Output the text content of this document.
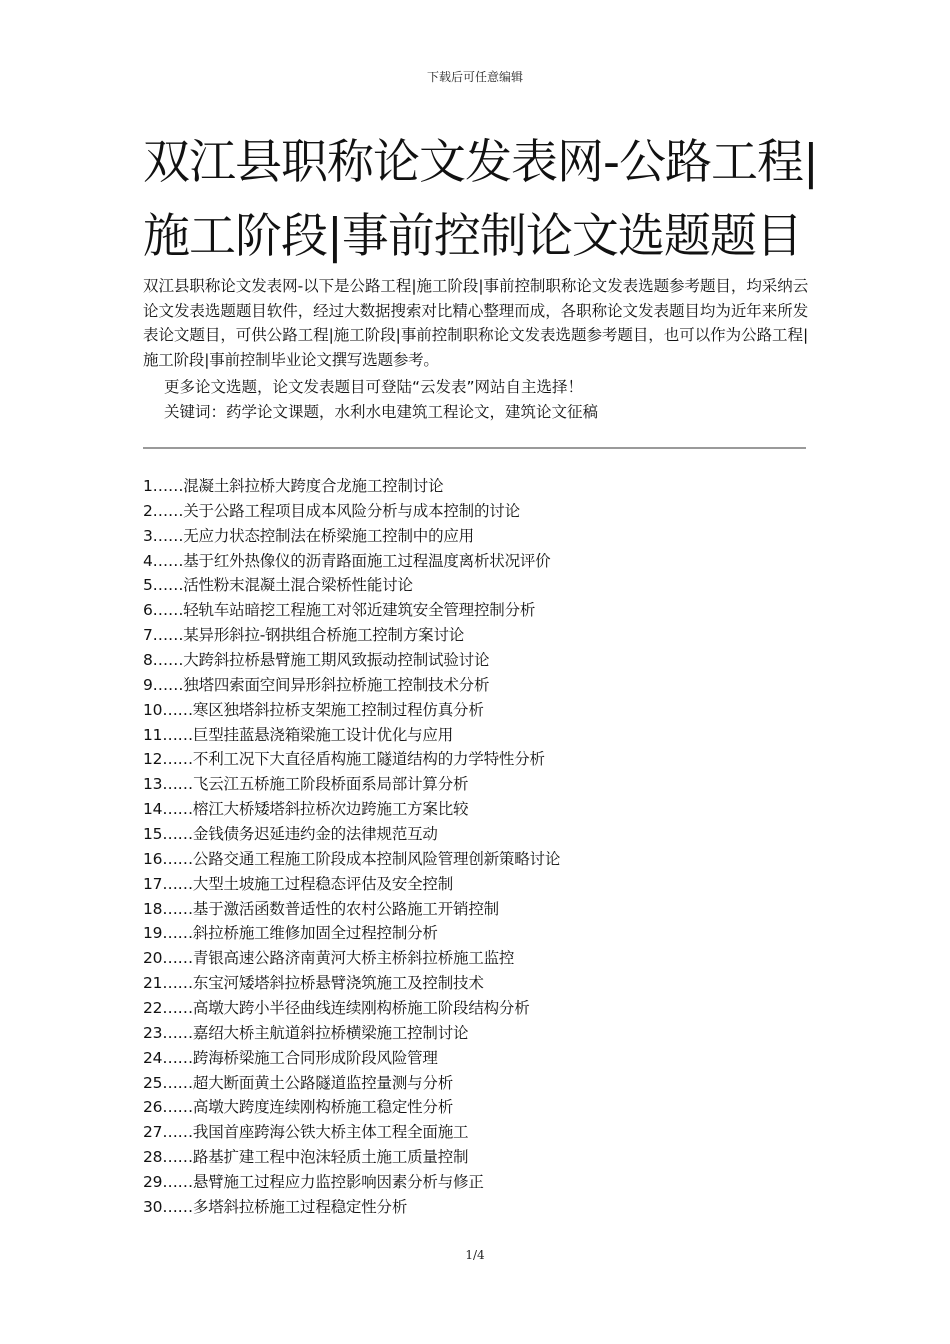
下载后可任意编辑
双江县职称论文发表网-公路工程|
施工阶段|事前控制论文选题题目

双江县职称论文发表网-以下是公路工程|施工阶段|事前控制职称论文发表选题参考题目，均采纳云论文发表选题题目软件，经过大数据搜索对比精心整理而成，各职称论文发表题目均为近年来所发表论文题目，可供公路工程|施工阶段|事前控制职称论文发表选题参考题目，也可以作为公路工程|施工阶段|事前控制毕业论文撰写选题参考。

更多论文选题，论文发表题目可登陆“云发表”网站自主选择！

关键词：药学论文课题，水利水电建筑工程论文，建筑论文征稿

1……混凝土斜拉桥大跨度合龙施工控制讨论
2……关于公路工程项目成本风险分析与成本控制的讨论
3……无应力状态控制法在桥梁施工控制中的应用
4……基于红外热像仪的沥青路面施工过程温度离析状况评价
5……活性粉末混凝土混合梁桥性能讨论
6……轻轨车站暗挖工程施工对邻近建筑安全管理控制分析
7……某异形斜拉-钢拱组合桥施工控制方案讨论
8……大跨斜拉桥悬臂施工期风致振动控制试验讨论
9……独塔四索面空间异形斜拉桥施工控制技术分析
10……寒区独塔斜拉桥支架施工控制过程仿真分析
11……巨型挂蓝悬浇箱梁施工设计优化与应用
12……不利工况下大直径盾构施工隧道结构的力学特性分析
13……飞云江五桥施工阶段桥面系局部计算分析
14……榕江大桥矮塔斜拉桥次边跨施工方案比较
15……金钱债务迟延违约金的法律规范互动
16……公路交通工程施工阶段成本控制风险管理创新策略讨论
17……大型土坡施工过程稳态评估及安全控制
18……基于激活函数普适性的农村公路施工开销控制
19……斜拉桥施工维修加固全过程控制分析
20……青银高速公路济南黄河大桥主桥斜拉桥施工监控
21……东宝河矮塔斜拉桥悬臂浇筑施工及控制技术
22……高墩大跨小半径曲线连续刚构桥施工阶段结构分析
23……嘉绍大桥主航道斜拉桥横梁施工控制讨论
24……跨海桥梁施工合同形成阶段风险管理
25……超大断面黄土公路隧道监控量测与分析
26……高墩大跨度连续刚构桥施工稳定性分析
27……我国首座跨海公铁大桥主体工程全面施工
28……路基扩建工程中泡沫轻质土施工质量控制
29……悬臂施工过程应力监控影响因素分析与修正
30……多塔斜拉桥施工过程稳定性分析
1/4
